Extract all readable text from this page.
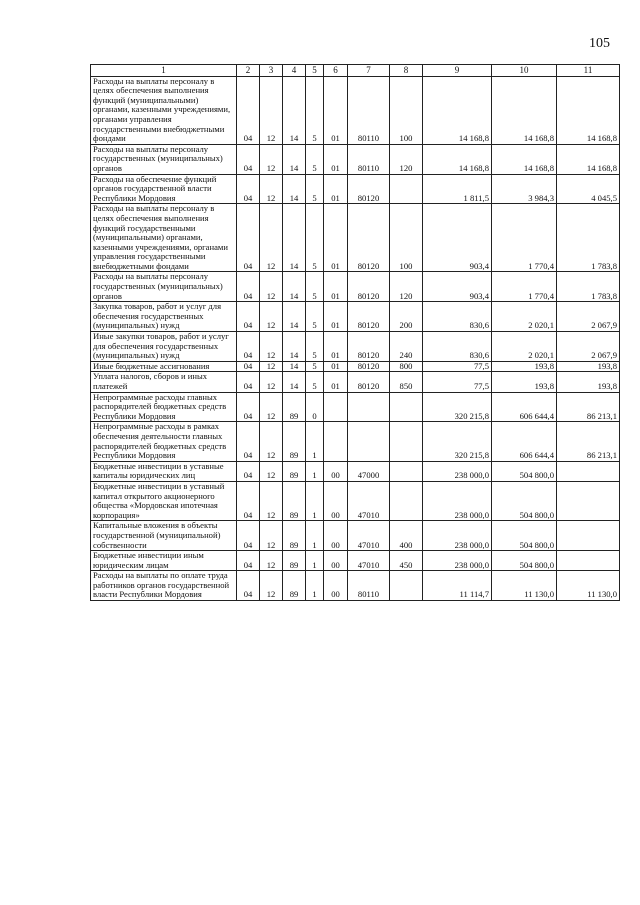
105
1	2	3	4	5	6	7	8	9	10	11
Расходы на выплаты персоналу в целях обеспечения выполнения функций (муниципальными) органами, казенными учреждениями, органами управления государственными внебюджетными фондами	04	12	14	5	01	80110	100	14 168,8	14 168,8	14 168,8
Расходы на выплаты персоналу государственных (муниципальных) органов	04	12	14	5	01	80110	120	14 168,8	14 168,8	14 168,8
Расходы на обеспечение функций органов государственной власти Республики Мордовия	04	12	14	5	01	80120		1 811,5	3 984,3	4 045,5
Расходы на выплаты персоналу в целях обеспечения выполнения функций государственными (муниципальными) органами, казенными учреждениями, органами управления государственными внебюджетными фондами	04	12	14	5	01	80120	100	903,4	1 770,4	1 783,8
Расходы на выплаты персоналу государственных (муниципальных) органов	04	12	14	5	01	80120	120	903,4	1 770,4	1 783,8
Закупка товаров, работ и услуг для обеспечения государственных (муниципальных) нужд	04	12	14	5	01	80120	200	830,6	2 020,1	2 067,9
Иные закупки товаров, работ и услуг для обеспечения государственных (муниципальных) нужд	04	12	14	5	01	80120	240	830,6	2 020,1	2 067,9
Иные бюджетные ассигнования	04	12	14	5	01	80120	800	77,5	193,8	193,8
Уплата налогов, сборов и иных платежей	04	12	14	5	01	80120	850	77,5	193,8	193,8
Непрограммные расходы главных распорядителей бюджетных средств Республики Мордовия	04	12	89	0				320 215,8	606 644,4	86 213,1
Непрограммные расходы в рамках обеспечения деятельности главных распорядителей бюджетных средств Республики Мордовия	04	12	89	1				320 215,8	606 644,4	86 213,1
Бюджетные инвестиции в уставные капиталы юридических лиц	04	12	89	1	00	47000		238 000,0	504 800,0	
Бюджетные инвестиции в уставный капитал открытого акционерного общества «Мордовская ипотечная корпорация»	04	12	89	1	00	47010		238 000,0	504 800,0	
Капитальные вложения в объекты государственной (муниципальной) собственности	04	12	89	1	00	47010	400	238 000,0	504 800,0	
Бюджетные инвестиции иным юридическим лицам	04	12	89	1	00	47010	450	238 000,0	504 800,0	
Расходы на выплаты по оплате труда работников органов государственной власти Республики Мордовия	04	12	89	1	00	80110		11 114,7	11 130,0	11 130,0
